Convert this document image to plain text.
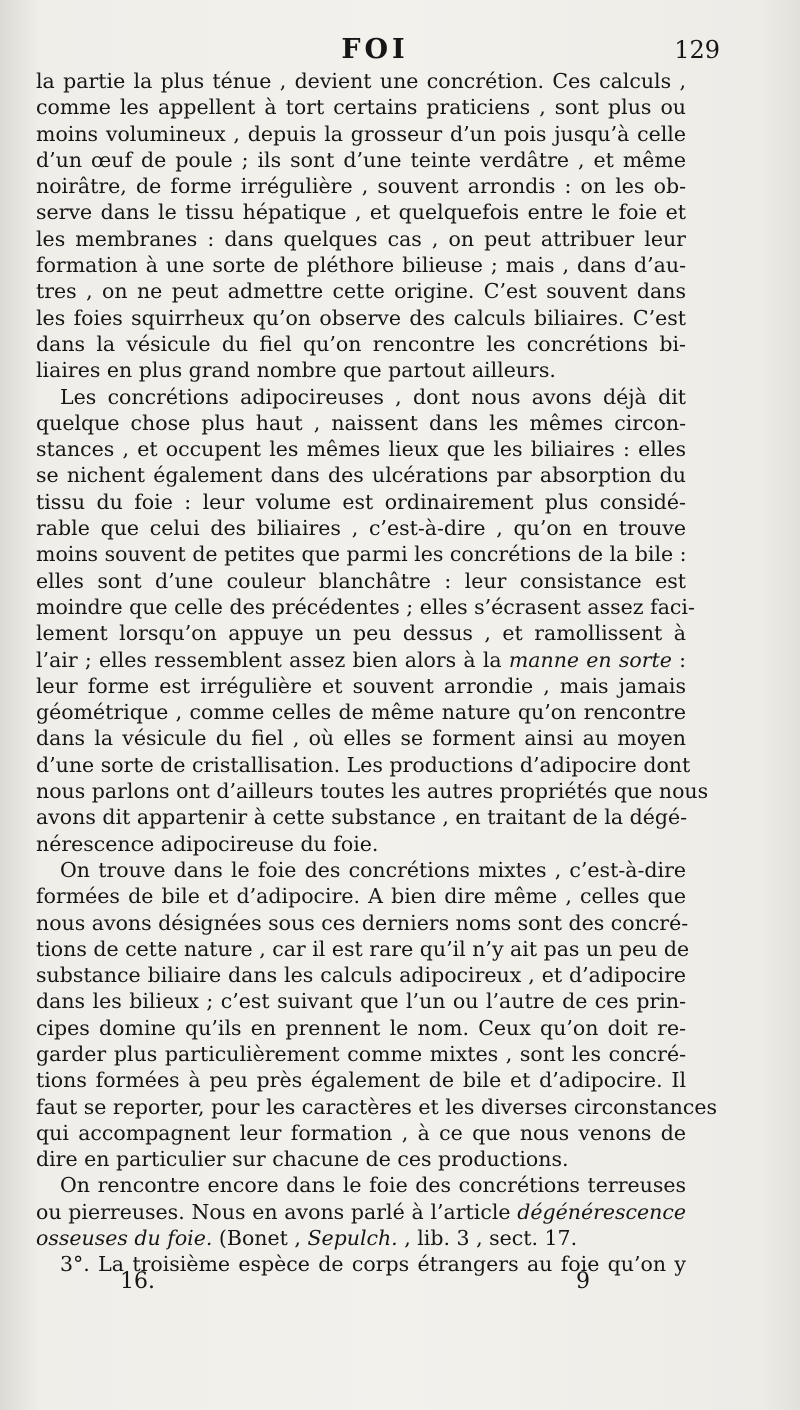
FOI	129
la partie la plus ténue , devient une concrétion. Ces calculs ,
comme les appellent à tort certains praticiens , sont plus ou
moins volumineux , depuis la grosseur d’un pois jusqu’à celle
d’un œuf de poule ; ils sont d’une teinte verdâtre , et même
noirâtre, de forme irrégulière , souvent arrondis : on les ob-
serve dans le tissu hépatique , et quelquefois entre le foie et
les membranes : dans quelques cas , on peut attribuer leur
formation à une sorte de pléthore bilieuse ; mais , dans d’au-
tres , on ne peut admettre cette origine. C’est souvent dans
les foies squirrheux qu’on observe des calculs biliaires. C’est
dans la vésicule du fiel qu’on rencontre les concrétions bi-
liaires en plus grand nombre que partout ailleurs.
Les concrétions adipocireuses , dont nous avons déjà dit
quelque chose plus haut , naissent dans les mêmes circon-
stances , et occupent les mêmes lieux que les biliaires : elles
se nichent également dans des ulcérations par absorption du
tissu du foie : leur volume est ordinairement plus considé-
rable que celui des biliaires , c’est-à-dire , qu’on en trouve
moins souvent de petites que parmi les concrétions de la bile :
elles sont d’une couleur blanchâtre : leur consistance est
moindre que celle des précédentes ; elles s’écrasent assez faci-
lement lorsqu’on appuye un peu dessus , et ramollissent à
l’air ; elles ressemblent assez bien alors à la manne en sorte :
leur forme est irrégulière et souvent arrondie , mais jamais
géométrique , comme celles de même nature qu’on rencontre
dans la vésicule du fiel , où elles se forment ainsi au moyen
d’une sorte de cristallisation. Les productions d’adipocire dont
nous parlons ont d’ailleurs toutes les autres propriétés que nous
avons dit appartenir à cette substance , en traitant de la dégé-
nérescence adipocireuse du foie.
On trouve dans le foie des concrétions mixtes , c’est-à-dire
formées de bile et d’adipocire. A bien dire même , celles que
nous avons désignées sous ces derniers noms sont des concré-
tions de cette nature , car il est rare qu’il n’y ait pas un peu de
substance biliaire dans les calculs adipocireux , et d’adipocire
dans les bilieux ; c’est suivant que l’un ou l’autre de ces prin-
cipes domine qu’ils en prennent le nom. Ceux qu’on doit re-
garder plus particulièrement comme mixtes , sont les concré-
tions formées à peu près également de bile et d’adipocire. Il
faut se reporter, pour les caractères et les diverses circonstances
qui accompagnent leur formation , à ce que nous venons de
dire en particulier sur chacune de ces productions.
On rencontre encore dans le foie des concrétions terreuses
ou pierreuses. Nous en avons parlé à l’article dégénérescence
osseuses du foie. (Bonet , Sepulch. , lib. 3 , sect. 17.
3°. La troisième espèce de corps étrangers au foie qu’on y
16.	9
